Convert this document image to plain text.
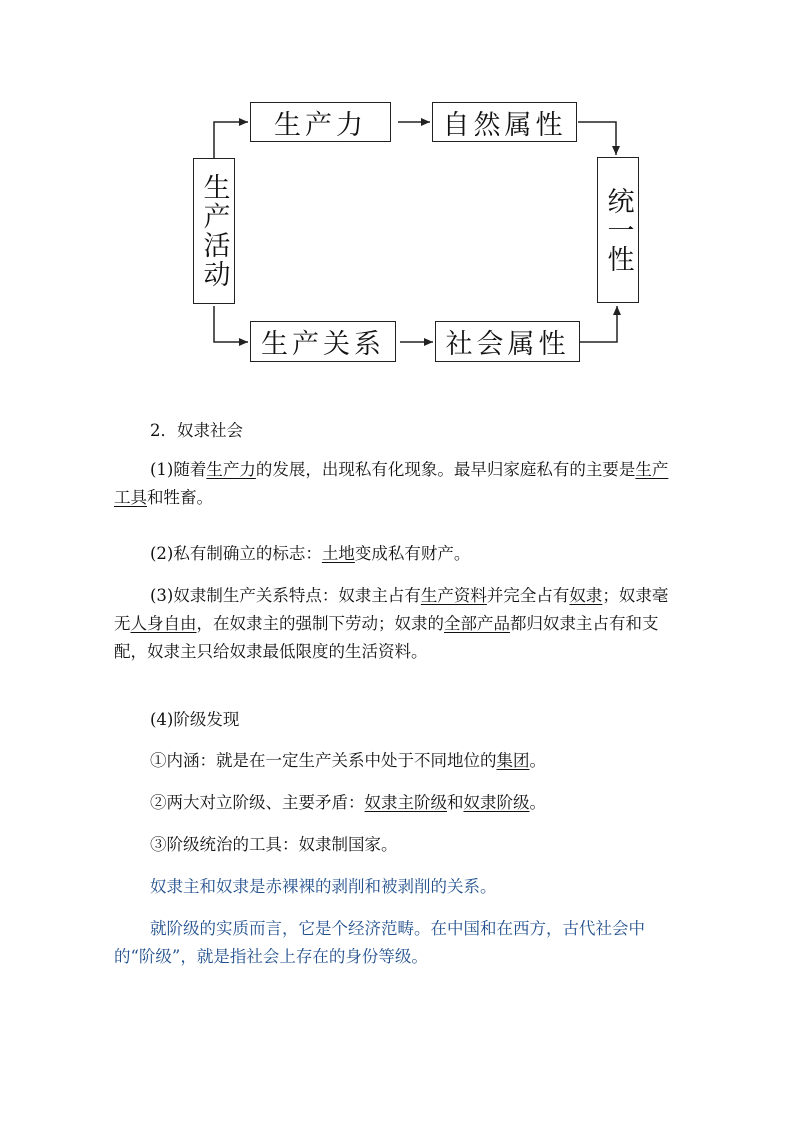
生产活动
生产力	自然属性
生产关系	社会属性
统一性

2．奴隶社会

(1)随着生产力的发展，出现私有化现象。最早归家庭私有的主要是生产工具和牲畜。

(2)私有制确立的标志：土地变成私有财产。

(3)奴隶制生产关系特点：奴隶主占有生产资料并完全占有奴隶；奴隶毫无人身自由，在奴隶主的强制下劳动；奴隶的全部产品都归奴隶主占有和支配，奴隶主只给奴隶最低限度的生活资料。

(4)阶级发现

①内涵：就是在一定生产关系中处于不同地位的集团。

②两大对立阶级、主要矛盾：奴隶主阶级和奴隶阶级。

③阶级统治的工具：奴隶制国家。

奴隶主和奴隶是赤裸裸的剥削和被剥削的关系。

就阶级的实质而言，它是个经济范畴。在中国和在西方，古代社会中的“阶级”，就是指社会上存在的身份等级。
